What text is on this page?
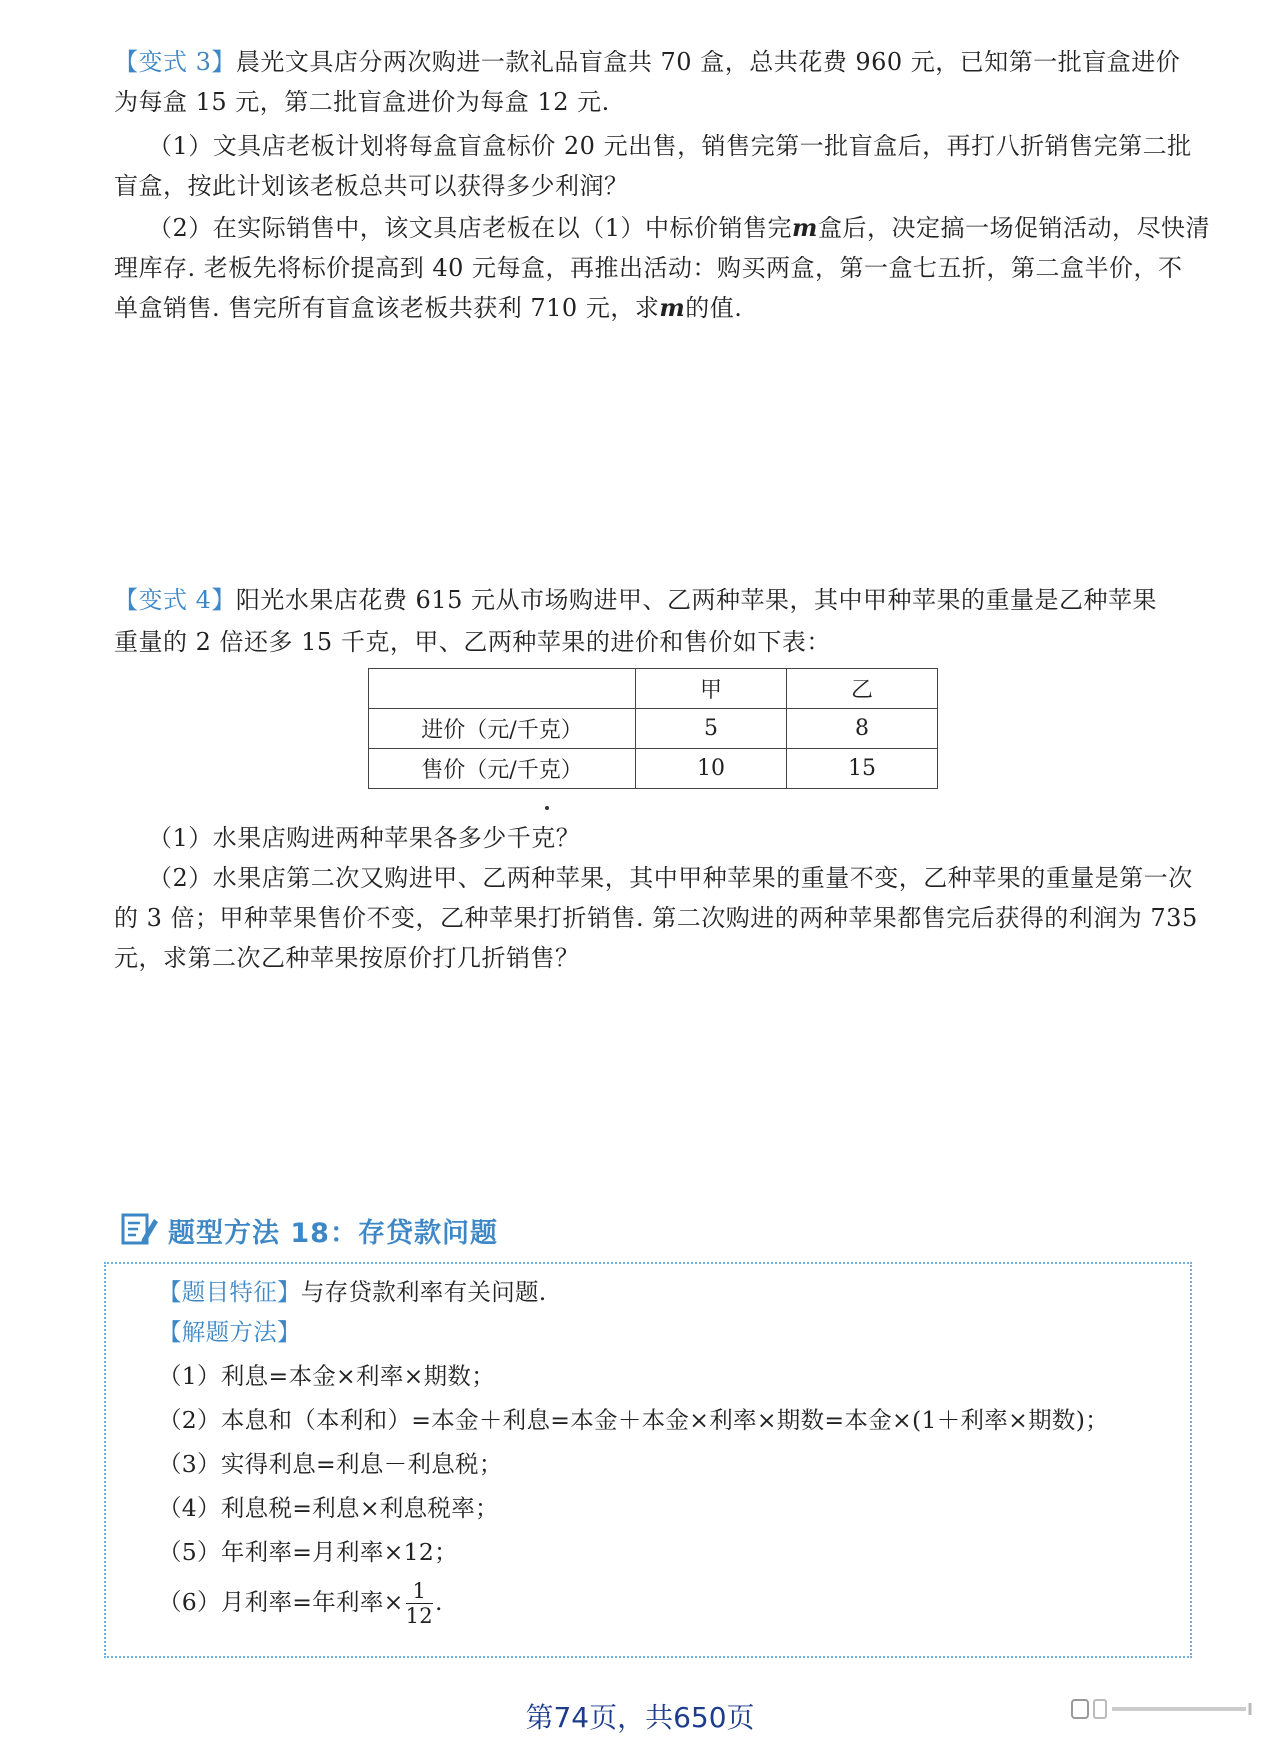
【变式 3】晨光文具店分两次购进一款礼品盲盒共 70 盒，总共花费 960 元，已知第一批盲盒进价
为每盒 15 元，第二批盲盒进价为每盒 12 元.
（1）文具店老板计划将每盒盲盒标价 20 元出售，销售完第一批盲盒后，再打八折销售完第二批
盲盒，按此计划该老板总共可以获得多少利润？
（2）在实际销售中，该文具店老板在以（1）中标价销售完m盒后，决定搞一场促销活动，尽快清
理库存. 老板先将标价提高到 40 元每盒，再推出活动：购买两盒，第一盒七五折，第二盒半价，不
单盒销售. 售完所有盲盒该老板共获利 710 元，求m的值.
【变式 4】阳光水果店花费 615 元从市场购进甲、乙两种苹果，其中甲种苹果的重量是乙种苹果
重量的 2 倍还多 15 千克，甲、乙两种苹果的进价和售价如下表：
	甲	乙
进价（元/千克）	5	8
售价（元/千克）	10	15
（1）水果店购进两种苹果各多少千克？
（2）水果店第二次又购进甲、乙两种苹果，其中甲种苹果的重量不变，乙种苹果的重量是第一次
的 3 倍；甲种苹果售价不变，乙种苹果打折销售. 第二次购进的两种苹果都售完后获得的利润为 735
元，求第二次乙种苹果按原价打几折销售？
题型方法 18：存贷款问题
【题目特征】与存贷款利率有关问题.
【解题方法】
（1）利息=本金×利率×期数；
（2）本息和（本利和）=本金＋利息=本金＋本金×利率×期数=本金×(1＋利率×期数)；
（3）实得利息=利息－利息税；
（4）利息税=利息×利息税率；
（5）年利率=月利率×12；
（6）月利率=年利率× $\frac{1}{12}$ .
第74页，共650页
